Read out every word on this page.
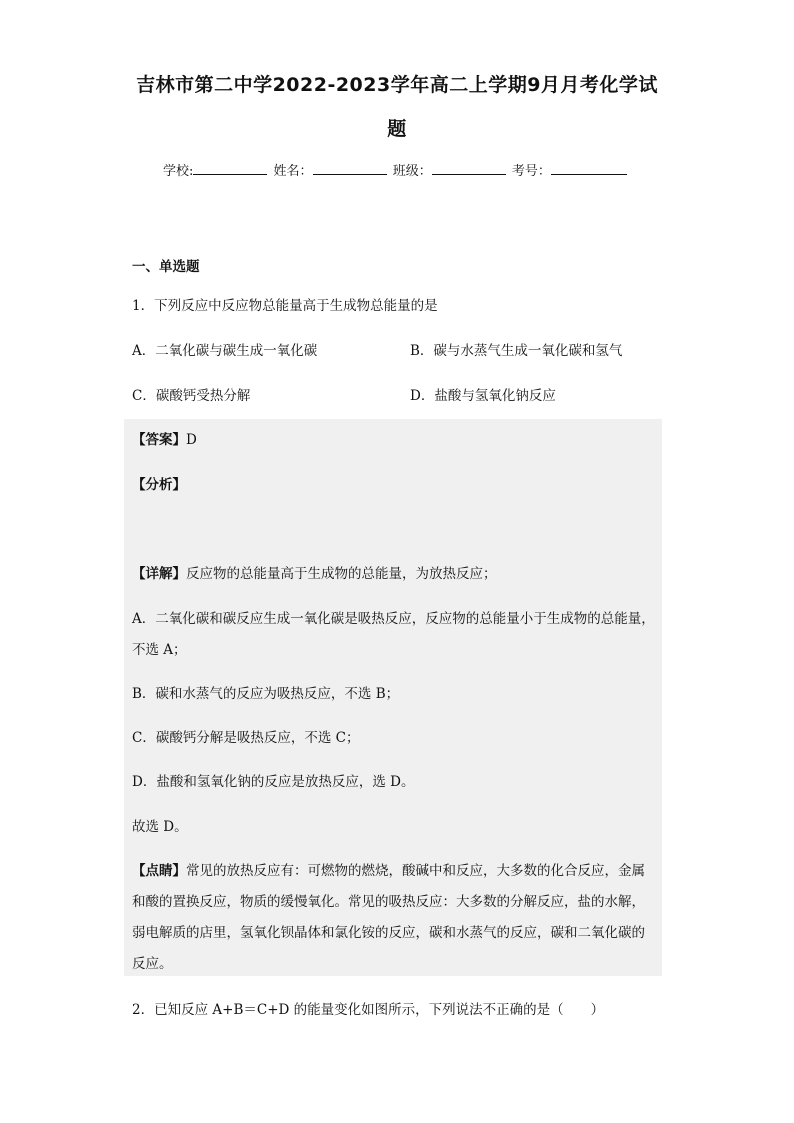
吉林市第二中学2022-2023学年高二上学期9月月考化学试
题
学校:	姓名：	班级：	考号：
一、单选题
1．下列反应中反应物总能量高于生成物总能量的是
A．二氧化碳与碳生成一氧化碳	B．碳与水蒸气生成一氧化碳和氢气
C．碳酸钙受热分解	D．盐酸与氢氧化钠反应
【答案】D
【分析】
【详解】反应物的总能量高于生成物的总能量，为放热反应；
A．二氧化碳和碳反应生成一氧化碳是吸热反应，反应物的总能量小于生成物的总能量，
不选 A；
B．碳和水蒸气的反应为吸热反应，不选 B；
C．碳酸钙分解是吸热反应，不选 C；
D．盐酸和氢氧化钠的反应是放热反应，选 D。
故选 D。
【点睛】常见的放热反应有：可燃物的燃烧，酸碱中和反应，大多数的化合反应，金属
和酸的置换反应，物质的缓慢氧化。常见的吸热反应：大多数的分解反应，盐的水解，
弱电解质的店里，氢氧化钡晶体和氯化铵的反应，碳和水蒸气的反应，碳和二氧化碳的
反应。
2．已知反应 A+B＝C+D 的能量变化如图所示，下列说法不正确的是（　　）
